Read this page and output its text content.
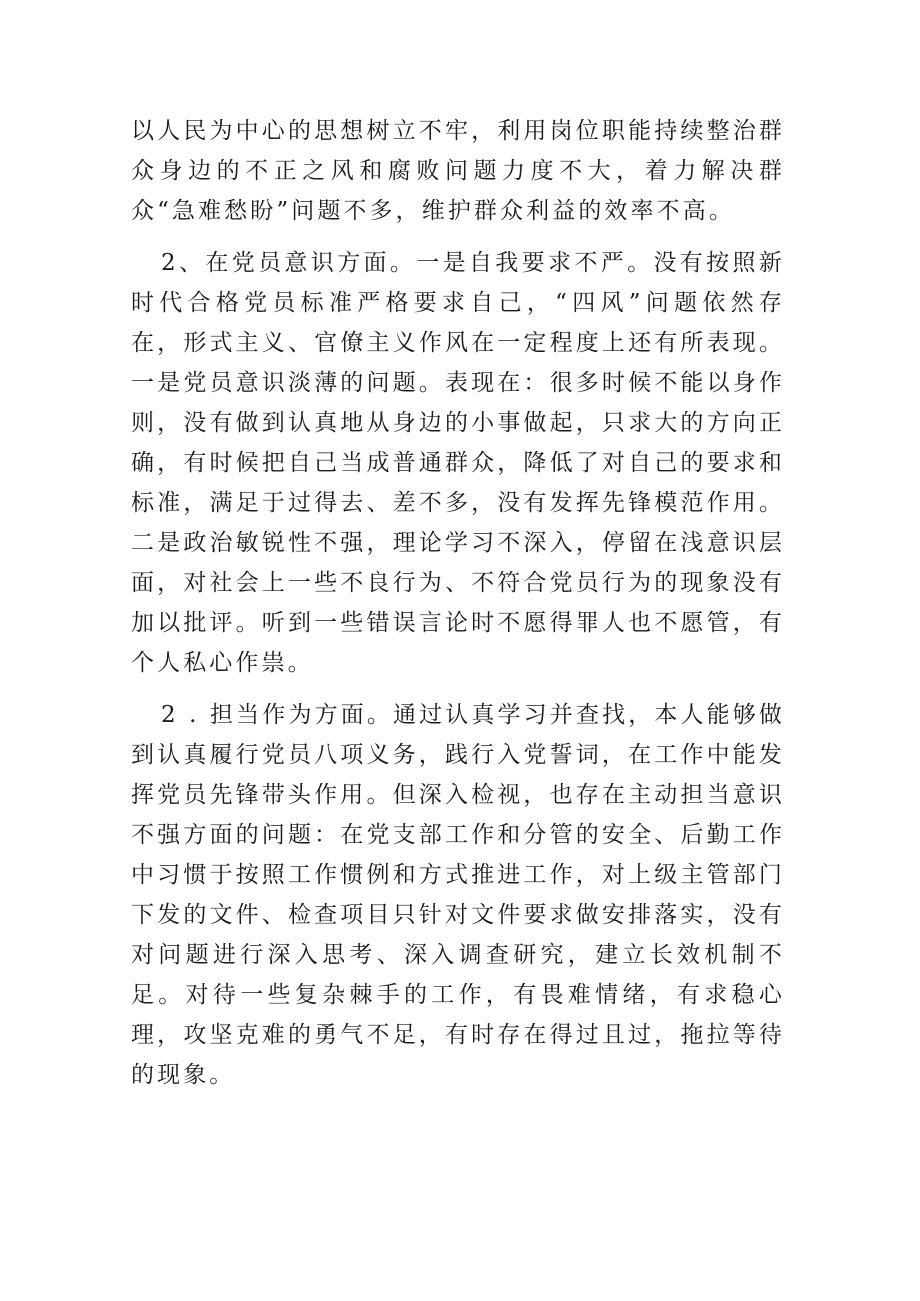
以人民为中心的思想树立不牢，利用岗位职能持续整治群众身边的不正之风和腐败问题力度不大，着力解决群众“急难愁盼”问题不多，维护群众利益的效率不高。

2、在党员意识方面。一是自我要求不严。没有按照新时代合格党员标准严格要求自己，“四风”问题依然存在，形式主义、官僚主义作风在一定程度上还有所表现。一是党员意识淡薄的问题。表现在：很多时候不能以身作则，没有做到认真地从身边的小事做起，只求大的方向正确，有时候把自己当成普通群众，降低了对自己的要求和标准，满足于过得去、差不多，没有发挥先锋模范作用。二是政治敏锐性不强，理论学习不深入，停留在浅意识层面，对社会上一些不良行为、不符合党员行为的现象没有加以批评。听到一些错误言论时不愿得罪人也不愿管，有个人私心作祟。

2 . 担当作为方面。通过认真学习并查找，本人能够做到认真履行党员八项义务，践行入党誓词，在工作中能发挥党员先锋带头作用。但深入检视，也存在主动担当意识不强方面的问题：在党支部工作和分管的安全、后勤工作中习惯于按照工作惯例和方式推进工作，对上级主管部门下发的文件、检查项目只针对文件要求做安排落实，没有对问题进行深入思考、深入调查研究，建立长效机制不足。对待一些复杂棘手的工作，有畏难情绪，有求稳心理，攻坚克难的勇气不足，有时存在得过且过，拖拉等待的现象。
